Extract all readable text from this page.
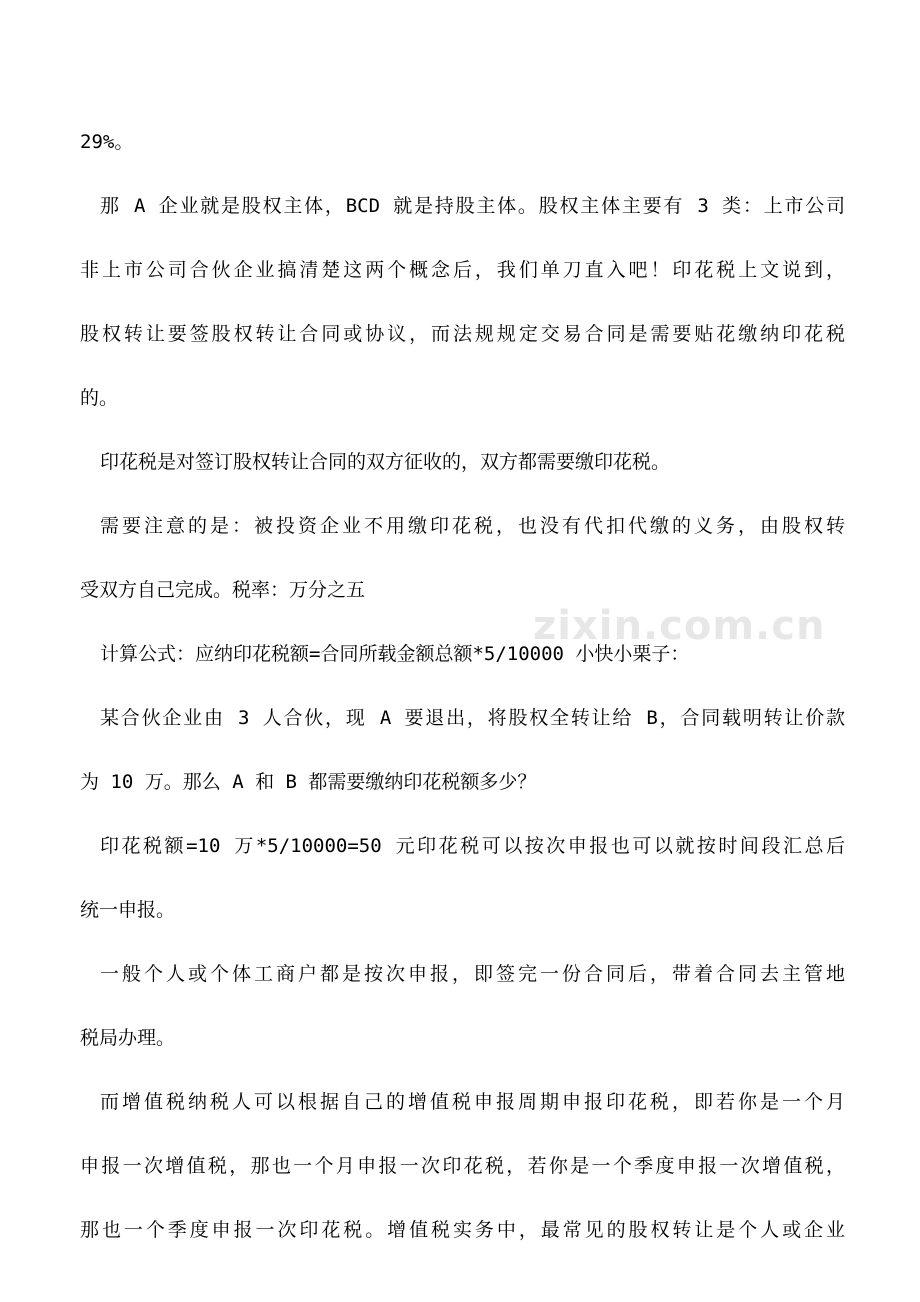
29%。
那 A 企业就是股权主体，BCD 就是持股主体。股权主体主要有 3 类：上市公司
非上市公司合伙企业搞清楚这两个概念后，我们单刀直入吧！印花税上文说到，
股权转让要签股权转让合同或协议，而法规规定交易合同是需要贴花缴纳印花税
的。
印花税是对签订股权转让合同的双方征收的，双方都需要缴印花税。
需要注意的是：被投资企业不用缴印花税，也没有代扣代缴的义务，由股权转
受双方自己完成。税率：万分之五
计算公式：应纳印花税额=合同所载金额总额*5/10000 小快小栗子：
某合伙企业由 3 人合伙，现 A 要退出，将股权全转让给 B，合同载明转让价款
为 10 万。那么 A 和 B 都需要缴纳印花税额多少？
印花税额=10 万*5/10000=50 元印花税可以按次申报也可以就按时间段汇总后
统一申报。
一般个人或个体工商户都是按次申报，即签完一份合同后，带着合同去主管地
税局办理。
而增值税纳税人可以根据自己的增值税申报周期申报印花税，即若你是一个月
申报一次增值税，那也一个月申报一次印花税，若你是一个季度申报一次增值税，
那也一个季度申报一次印花税。增值税实务中，最常见的股权转让是个人或企业
zixin.com.cn
